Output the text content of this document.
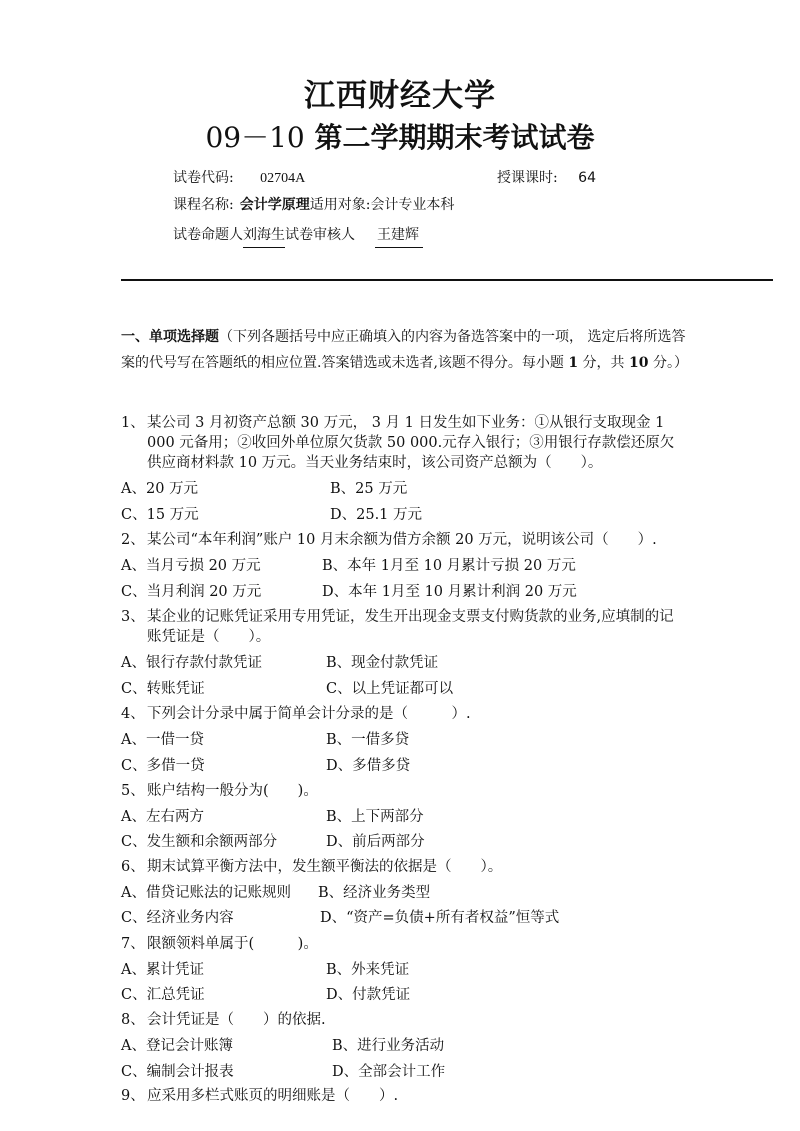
江西财经大学
09－10 第二学期期末考试试卷
试卷代码: 02704A	授课课时: 64
课程名称: 会计学原理适用对象:会计专业本科
试卷命题人刘海生试卷审核人 王建辉
一、单项选择题（下列各题括号中应正确填入的内容为备选答案中的一项， 选定后将所选答案的代号写在答题纸的相应位置.答案错选或未选者,该题不得分。每小题 1 分，共 10 分。）
1、 某公司 3 月初资产总额 30 万元， 3 月 1 日发生如下业务：①从银行支取现金 1 000 元备用；②收回外单位原欠货款 50 000.元存入银行；③用银行存款偿还原欠供应商材料款 10 万元。当天业务结束时，该公司资产总额为（　　）。
A、20 万元	B、25 万元
C、15 万元	D、25.1 万元
2、 某公司“本年利润”账户 10 月末余额为借方余额 20 万元，说明该公司（　　）.
A、当月亏损 20 万元	B、本年 1月至 10 月累计亏损 20 万元
C、当月利润 20 万元	D、本年 1月至 10 月累计利润 20 万元
3、 某企业的记账凭证采用专用凭证，发生开出现金支票支付购货款的业务,应填制的记账凭证是（　　）。
A、银行存款付款凭证	B、现金付款凭证
C、转账凭证	C、以上凭证都可以
4、 下列会计分录中属于简单会计分录的是（　　　）.
A、一借一贷	B、一借多贷
C、多借一贷	D、多借多贷
5、 账户结构一般分为(　　)。
A、左右两方	B、上下两部分
C、发生额和余额两部分	D、前后两部分
6、 期末试算平衡方法中，发生额平衡法的依据是（　　）。
A、借贷记账法的记账规则 B、经济业务类型
C、经济业务内容	D、“资产=负债+所有者权益”恒等式
7、 限额领料单属于(　　　)。
A、累计凭证	B、外来凭证
C、汇总凭证	D、付款凭证
8、 会计凭证是（　　）的依据.
A、登记会计账簿	B、进行业务活动
C、编制会计报表	D、全部会计工作
9、 应采用多栏式账页的明细账是（　　）.
